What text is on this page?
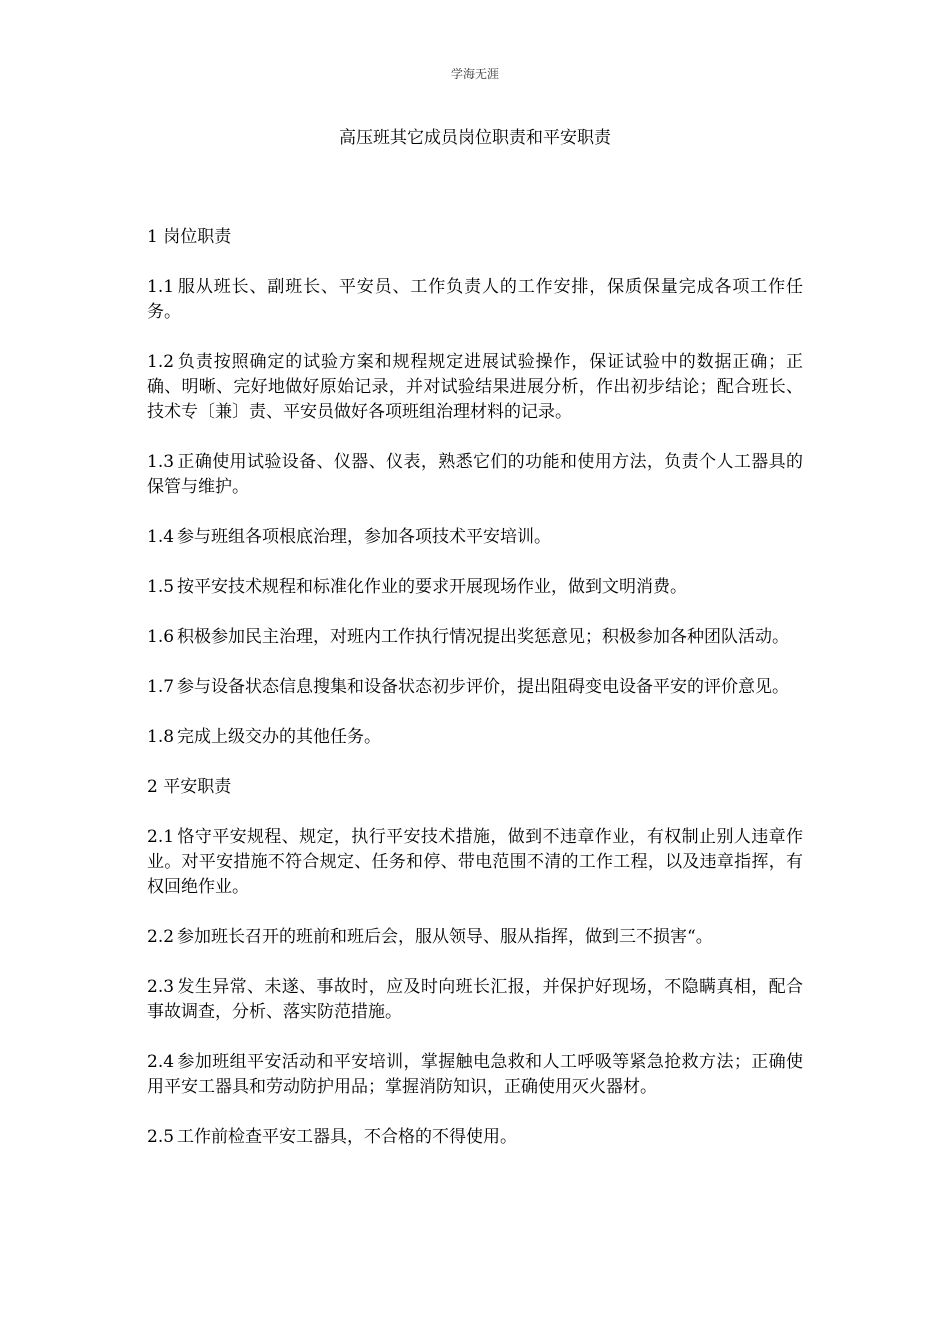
学海无涯
高压班其它成员岗位职责和平安职责

1 岗位职责

1.1 服从班长、副班长、平安员、工作负责人的工作安排，保质保量完成各项工作任务。

1.2 负责按照确定的试验方案和规程规定进展试验操作，保证试验中的数据正确；正确、明晰、完好地做好原始记录，并对试验结果进展分析，作出初步结论；配合班长、技术专〔兼〕责、平安员做好各项班组治理材料的记录。

1.3 正确使用试验设备、仪器、仪表，熟悉它们的功能和使用方法，负责个人工器具的保管与维护。

1.4 参与班组各项根底治理，参加各项技术平安培训。

1.5 按平安技术规程和标准化作业的要求开展现场作业，做到文明消费。

1.6 积极参加民主治理，对班内工作执行情况提出奖惩意见；积极参加各种团队活动。

1.7 参与设备状态信息搜集和设备状态初步评价，提出阻碍变电设备平安的评价意见。

1.8 完成上级交办的其他任务。

2 平安职责

2.1 恪守平安规程、规定，执行平安技术措施，做到不违章作业，有权制止别人违章作业。对平安措施不符合规定、任务和停、带电范围不清的工作工程，以及违章指挥，有权回绝作业。

2.2 参加班长召开的班前和班后会，服从领导、服从指挥，做到三不损害“。

2.3 发生异常、未遂、事故时，应及时向班长汇报，并保护好现场，不隐瞒真相，配合事故调查，分析、落实防范措施。

2.4 参加班组平安活动和平安培训，掌握触电急救和人工呼吸等紧急抢救方法；正确使用平安工器具和劳动防护用品；掌握消防知识，正确使用灭火器材。

2.5 工作前检查平安工器具，不合格的不得使用。
